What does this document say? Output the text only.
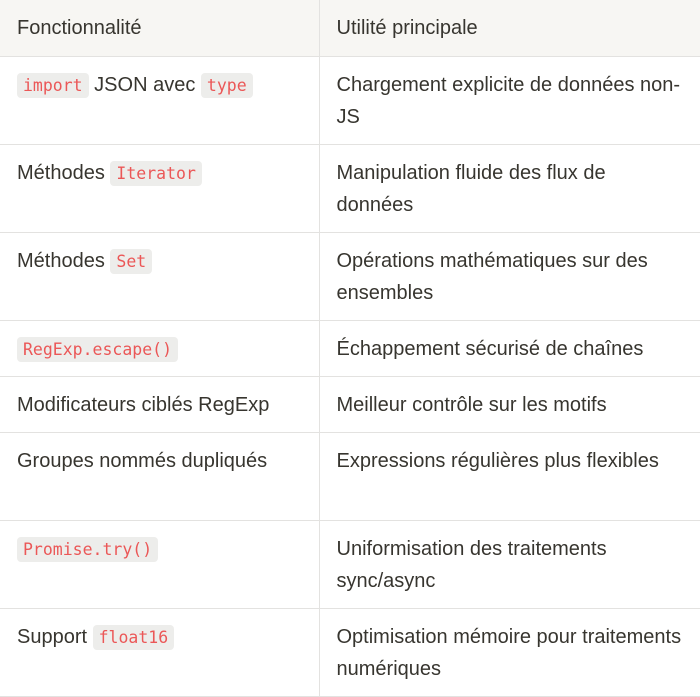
Fonctionnalité	Utilité principale
import JSON avec type	Chargement explicite de données non-JS
Méthodes Iterator	Manipulation fluide des flux de données
Méthodes Set	Opérations mathématiques sur des ensembles
RegExp.escape()	Échappement sécurisé de chaînes
Modificateurs ciblés RegExp	Meilleur contrôle sur les motifs
Groupes nommés dupliqués	Expressions régulières plus flexibles
Promise.try()	Uniformisation des traitements sync/async
Support float16	Optimisation mémoire pour traitements numériques
